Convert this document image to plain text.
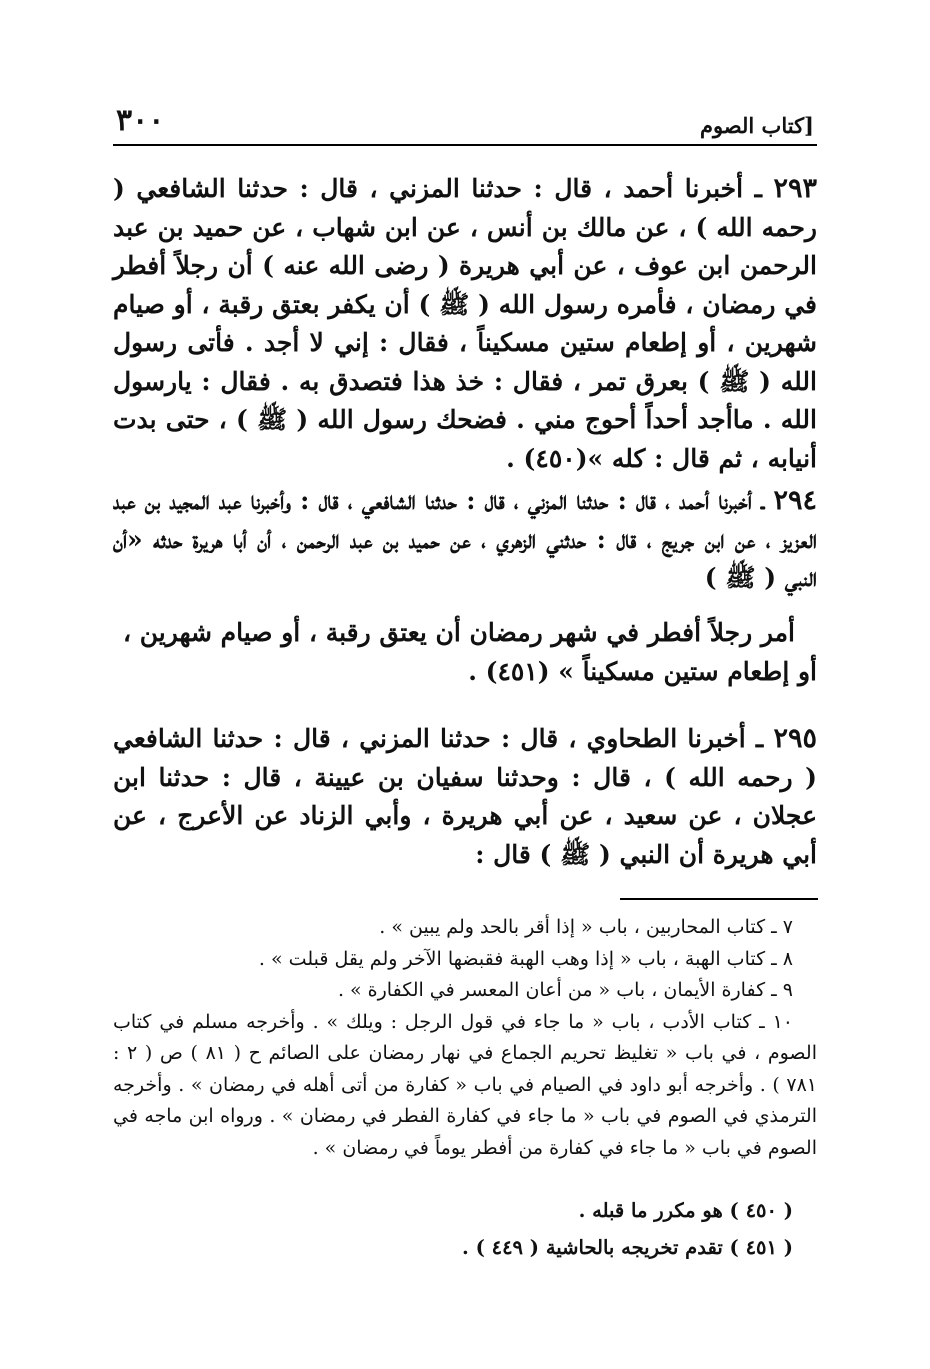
[كتاب الصوم
٣٠٠
٢٩٣ ـ أخبرنا أحمد ، قال : حدثنا المزني ، قال : حدثنا الشافعي ( رحمه الله ) ، عن مالك بن أنس ، عن ابن شهاب ، عن حميد بن عبد الرحمن ابن عوف ، عن أبي هريرة ( رضى الله عنه ) أن رجلاً أفطر في رمضان ، فأمره رسول الله ( ﷺ ) أن يكفر بعتق رقبة ، أو صيام شهرين ، أو إطعام ستين مسكيناً ، فقال : إني لا أجد . فأتى رسول الله ( ﷺ ) بعرق تمر ، فقال : خذ هذا فتصدق به . فقال : يارسول الله . ماأجد أحداً أحوج مني . فضحك رسول الله ( ﷺ ) ، حتى بدت أنيابه ، ثم قال : كله »(٤٥٠) .
٢٩٤ ـ أخبرنا أحمد ، قال : حدثنا المزني ، قال : حدثنا الشافعي ، قال : وأخبرنا عبد المجيد بن عبد العزيز ، عن ابن جريج ، قال : حدثني الزهري ، عن حميد بن عبد الرحمن ، أن أبا هريرة حدثه «أن النبي ( ﷺ )
أمر رجلاً أفطر في شهر رمضان أن يعتق رقبة ، أو صيام شهرين ، أو إطعام ستين مسكيناً » (٤٥١) .
٢٩٥ ـ أخبرنا الطحاوي ، قال : حدثنا المزني ، قال : حدثنا الشافعي ( رحمه الله ) ، قال : وحدثنا سفيان بن عيينة ، قال : حدثنا ابن عجلان ، عن سعيد ، عن أبي هريرة ، وأبي الزناد عن الأعرج ، عن أبي هريرة أن النبي ( ﷺ ) قال :

٧ ـ كتاب المحاربين ، باب « إذا أقر بالحد ولم يبين » .

٨ ـ كتاب الهبة ، باب « إذا وهب الهبة فقبضها الآخر ولم يقل قبلت » .

٩ ـ كفارة الأيمان ، باب « من أعان المعسر في الكفارة » .

١٠ ـ كتاب الأدب ، باب « ما جاء في قول الرجل : ويلك » . وأخرجه مسلم في كتاب الصوم ، في باب « تغليظ تحريم الجماع في نهار رمضان على الصائم ح ( ٨١ ) ص ( ٢ : ٧٨١ ) . وأخرجه أبو داود في الصيام في باب « كفارة من أتى أهله في رمضان » . وأخرجه الترمذي في الصوم في باب « ما جاء في كفارة الفطر في رمضان » . ورواه ابن ماجه في الصوم في باب « ما جاء في كفارة من أفطر يوماً في رمضان » .

( ٤٥٠ ) هو مكرر ما قبله .

( ٤٥١ ) تقدم تخريجه بالحاشية ( ٤٤٩ ) .
